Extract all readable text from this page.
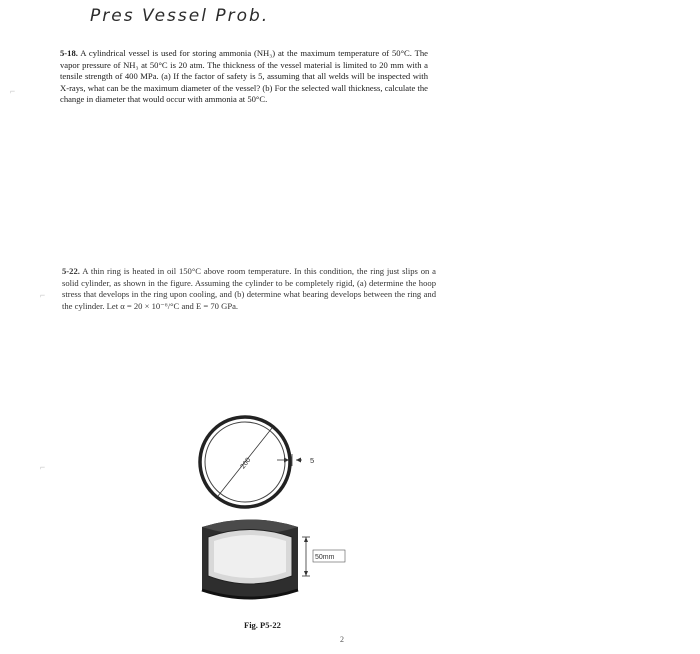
Pres Vessel Prob.
⌐
⌐
⌐

5-18. A cylindrical vessel is used for storing ammonia (NH₃) at the maximum temperature of 50°C. The vapor pressure of NH₃ at 50°C is 20 atm. The thickness of the vessel material is limited to 20 mm with a tensile strength of 400 MPa. (a) If the factor of safety is 5, assuming that all welds will be inspected with X-rays, what can be the maximum diameter of the vessel? (b) For the selected wall thickness, calculate the change in diameter that would occur with ammonia at 50°C.

5-22. A thin ring is heated in oil 150°C above room temperature. In this condition, the ring just slips on a solid cylinder, as shown in the figure. Assuming the cylinder to be completely rigid, (a) determine the hoop stress that develops in the ring upon cooling, and (b) determine what bearing develops between the ring and the cylinder. Let α = 20 × 10⁻⁶/°C and E = 70 GPa.

200	5
50mm
Fig. P5-22
2
